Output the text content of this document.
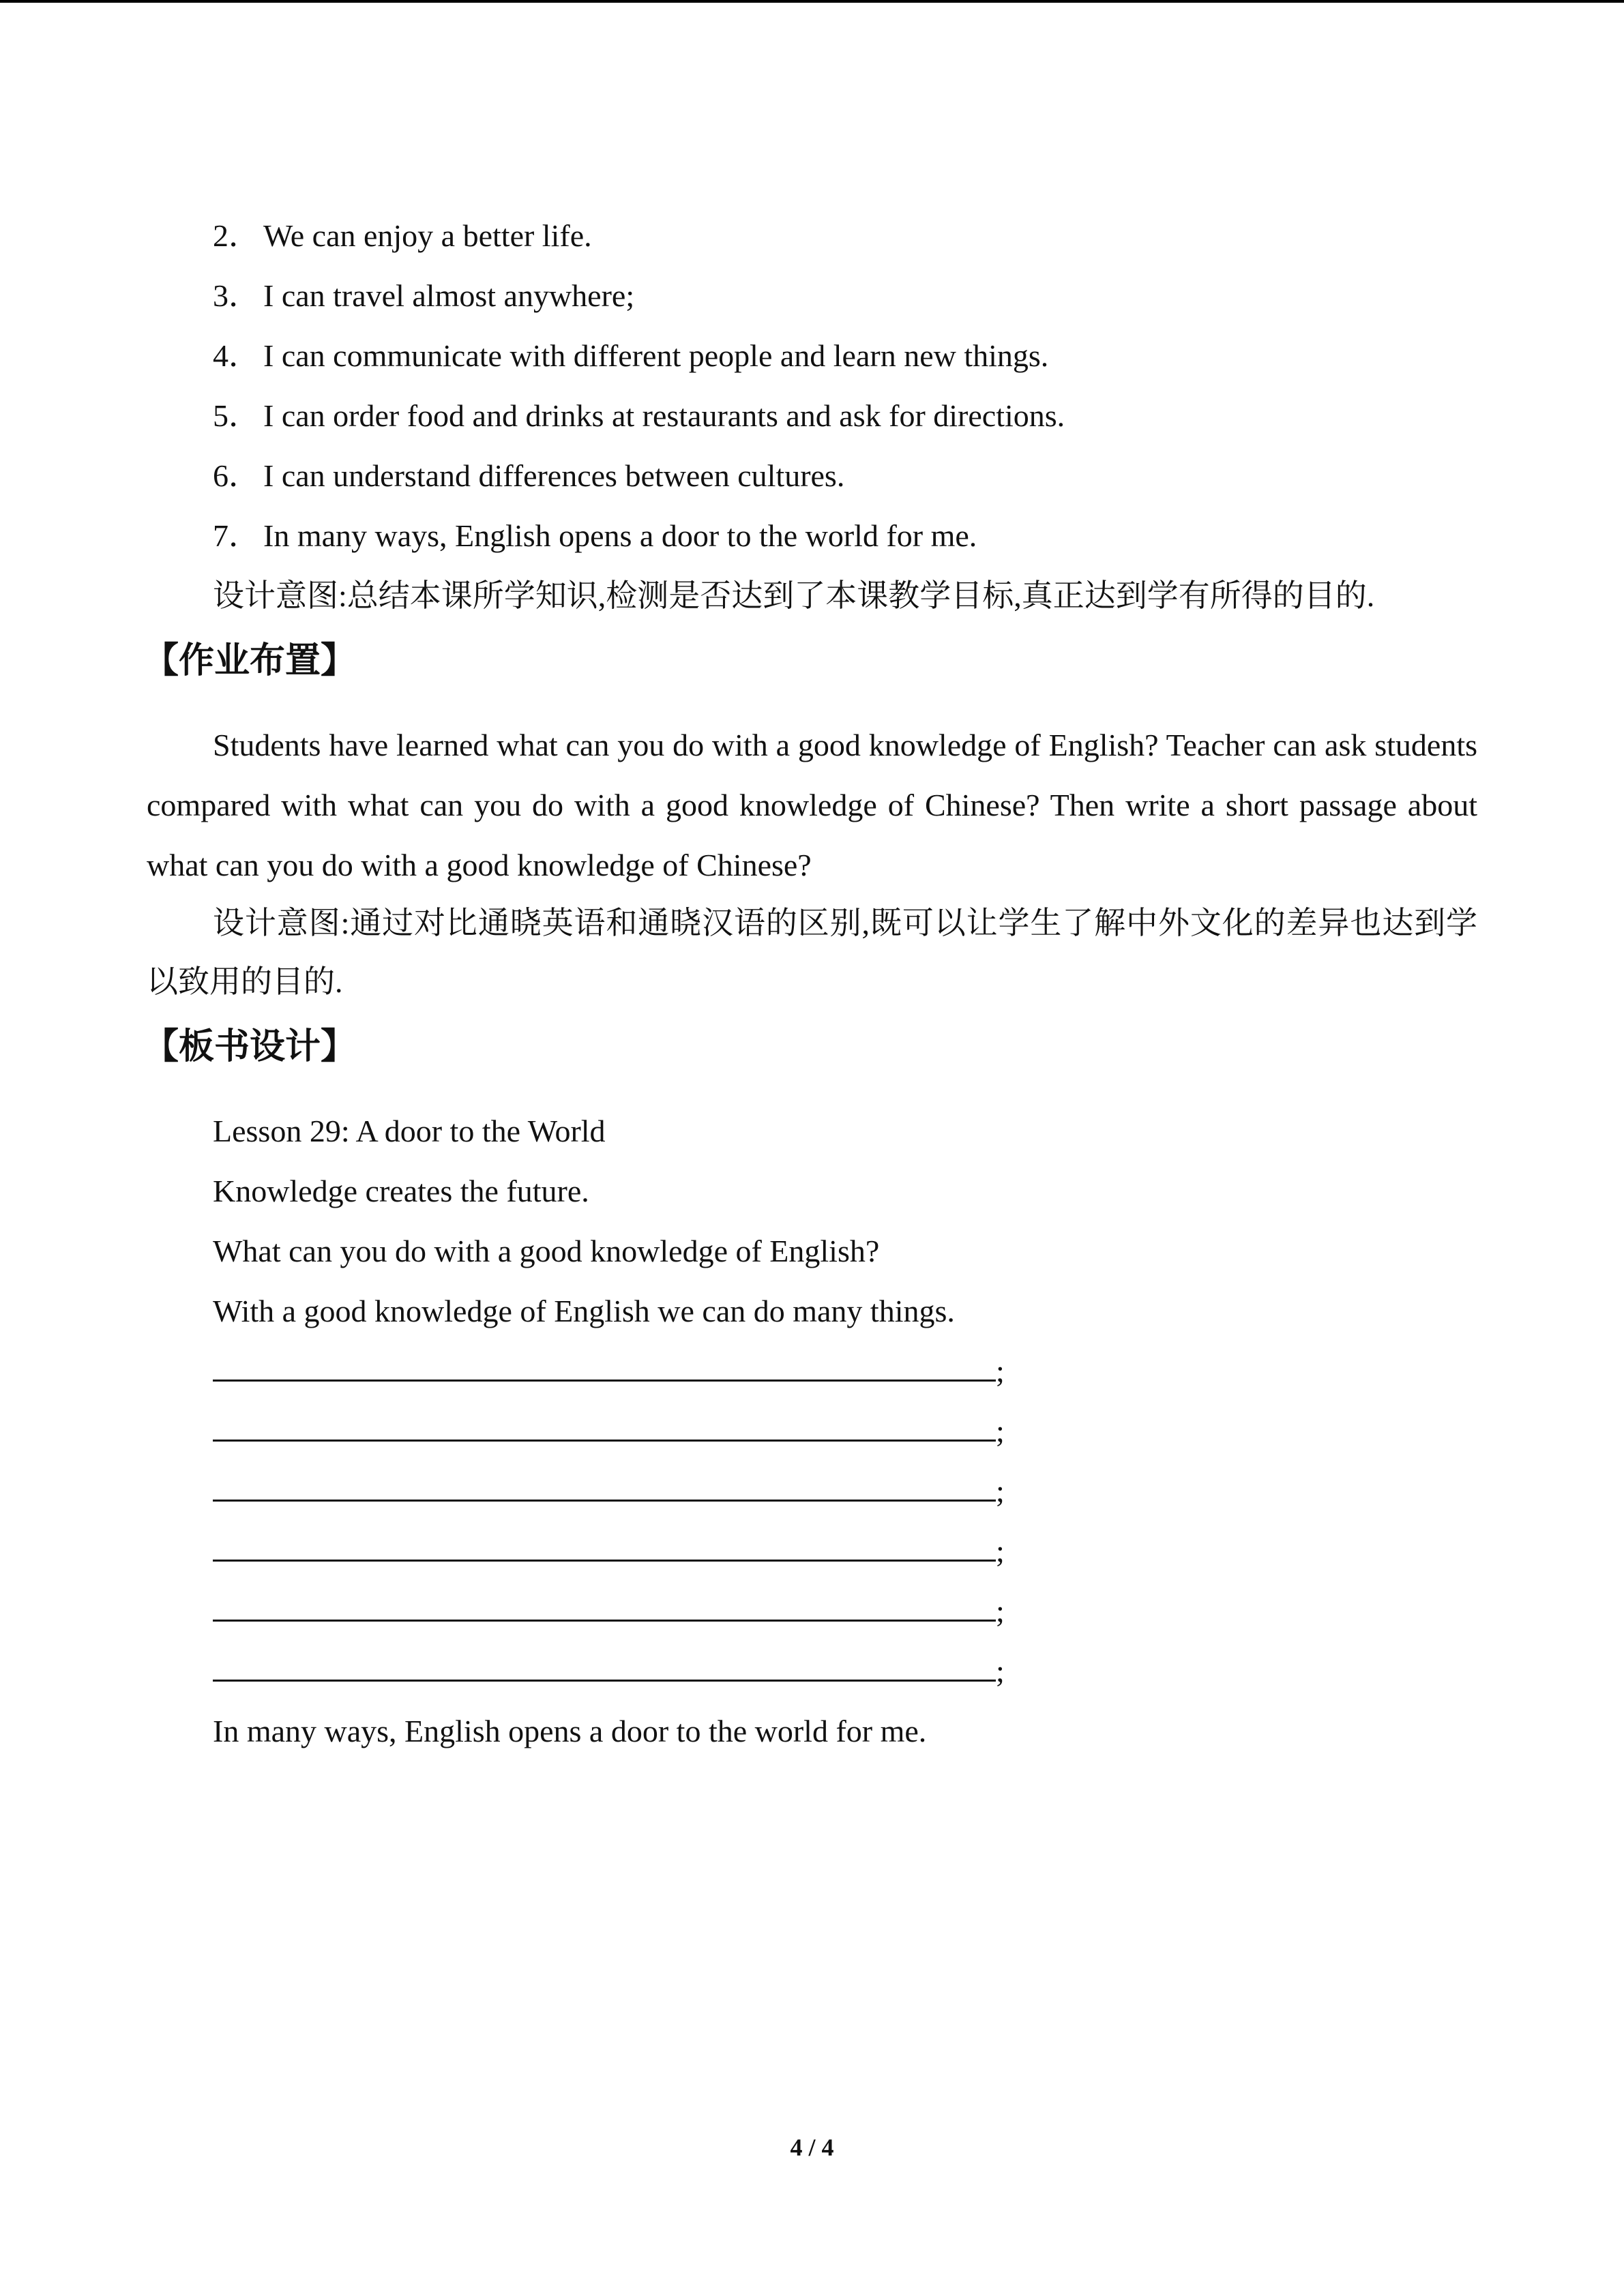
2． We can enjoy a better life.
3． I can travel almost anywhere;
4． I can communicate with different people and learn new things.
5． I can order food and drinks at restaurants and ask for directions.
6． I can understand differences between cultures.
7． In many ways, English opens a door to the world for me.
设计意图:总结本课所学知识,检测是否达到了本课教学目标,真正达到学有所得的目的.
【作业布置】
Students have learned what can you do with a good knowledge of English? Teacher can ask students compared with what can you do with a good knowledge of Chinese? Then write a short passage about what can you do with a good knowledge of Chinese?
设计意图:通过对比通晓英语和通晓汉语的区别,既可以让学生了解中外文化的差异也达到学以致用的目的.
【板书设计】
Lesson 29: A door to the World
Knowledge creates the future.
What can you do with a good knowledge of English?
With a good knowledge of English we can do many things.
;
;
;
;
;
;
In many ways, English opens a door to the world for me.
4 / 4
